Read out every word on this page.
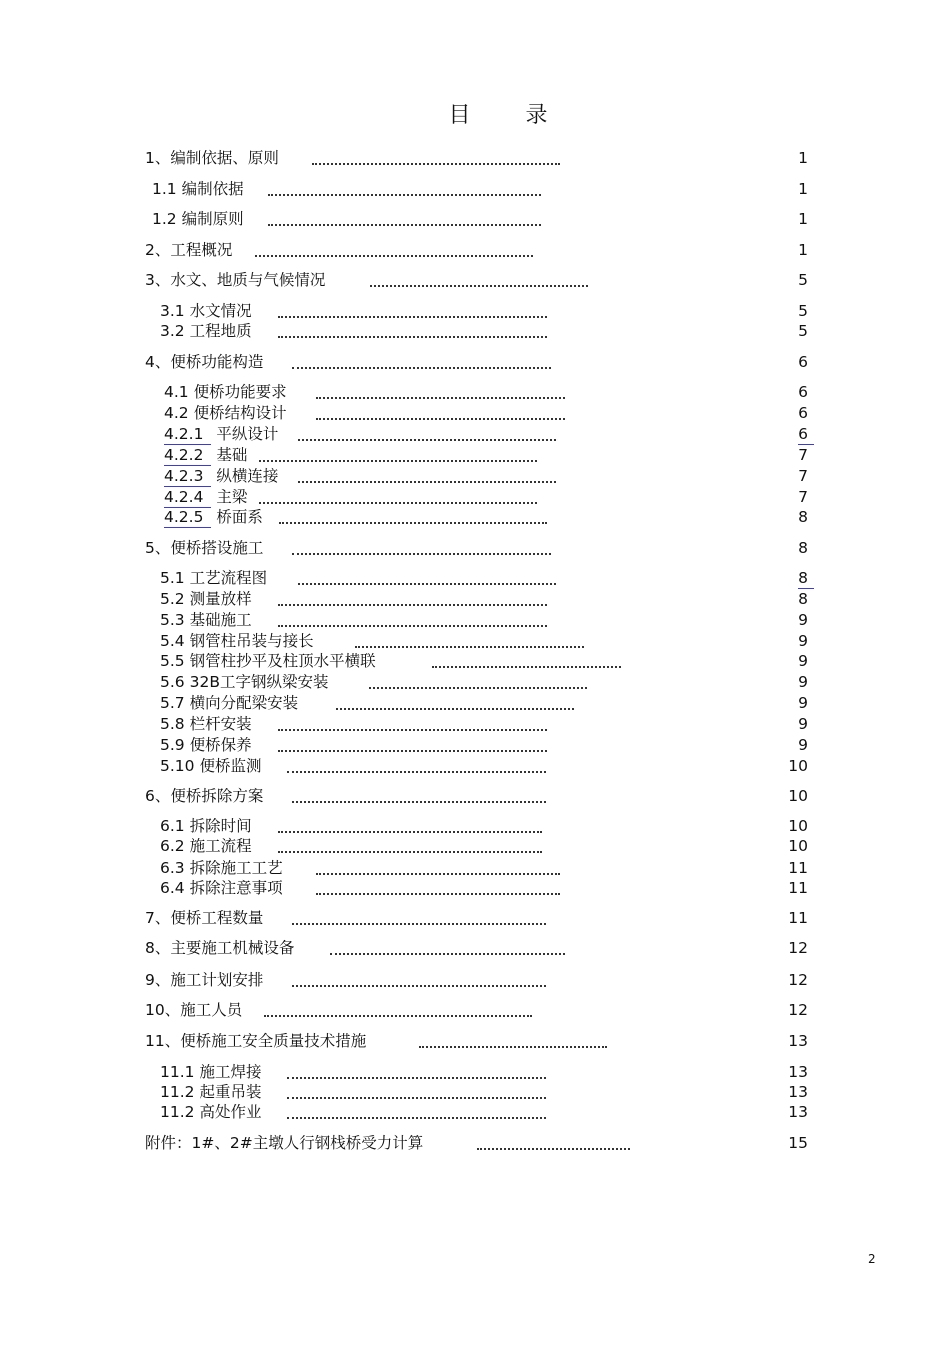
目 录
1、编制依据、原则	1
1.1 编制依据	1
1.2 编制原则	1
2、工程概况	1
3、水文、地质与气候情况	5
3.1 水文情况	5
3.2 工程地质	5
4、便桥功能构造	6
4.1 便桥功能要求	6
4.2 便桥结构设计	6
4.2.1 平纵设计	6
4.2.2 基础	7
4.2.3 纵横连接	7
4.2.4 主梁	7
4.2.5 桥面系	8
5、便桥搭设施工	8
5.1 工艺流程图	8
5.2 测量放样	8
5.3 基础施工	9
5.4 钢管柱吊装与接长	9
5.5 钢管柱抄平及柱顶水平横联	9
5.6 32B工字钢纵梁安装	9
5.7 横向分配梁安装	9
5.8 栏杆安装	9
5.9 便桥保养	9
5.10 便桥监测	10
6、便桥拆除方案	10
6.1 拆除时间	10
6.2 施工流程	10
6.3 拆除施工工艺	11
6.4 拆除注意事项	11
7、便桥工程数量	11
8、主要施工机械设备	12
9、施工计划安排	12
10、施工人员	12
11、便桥施工安全质量技术措施	13
11.1 施工焊接	13
11.2 起重吊装	13
11.2 高处作业	13
附件：1#、2#主墩人行钢栈桥受力计算	15
2
